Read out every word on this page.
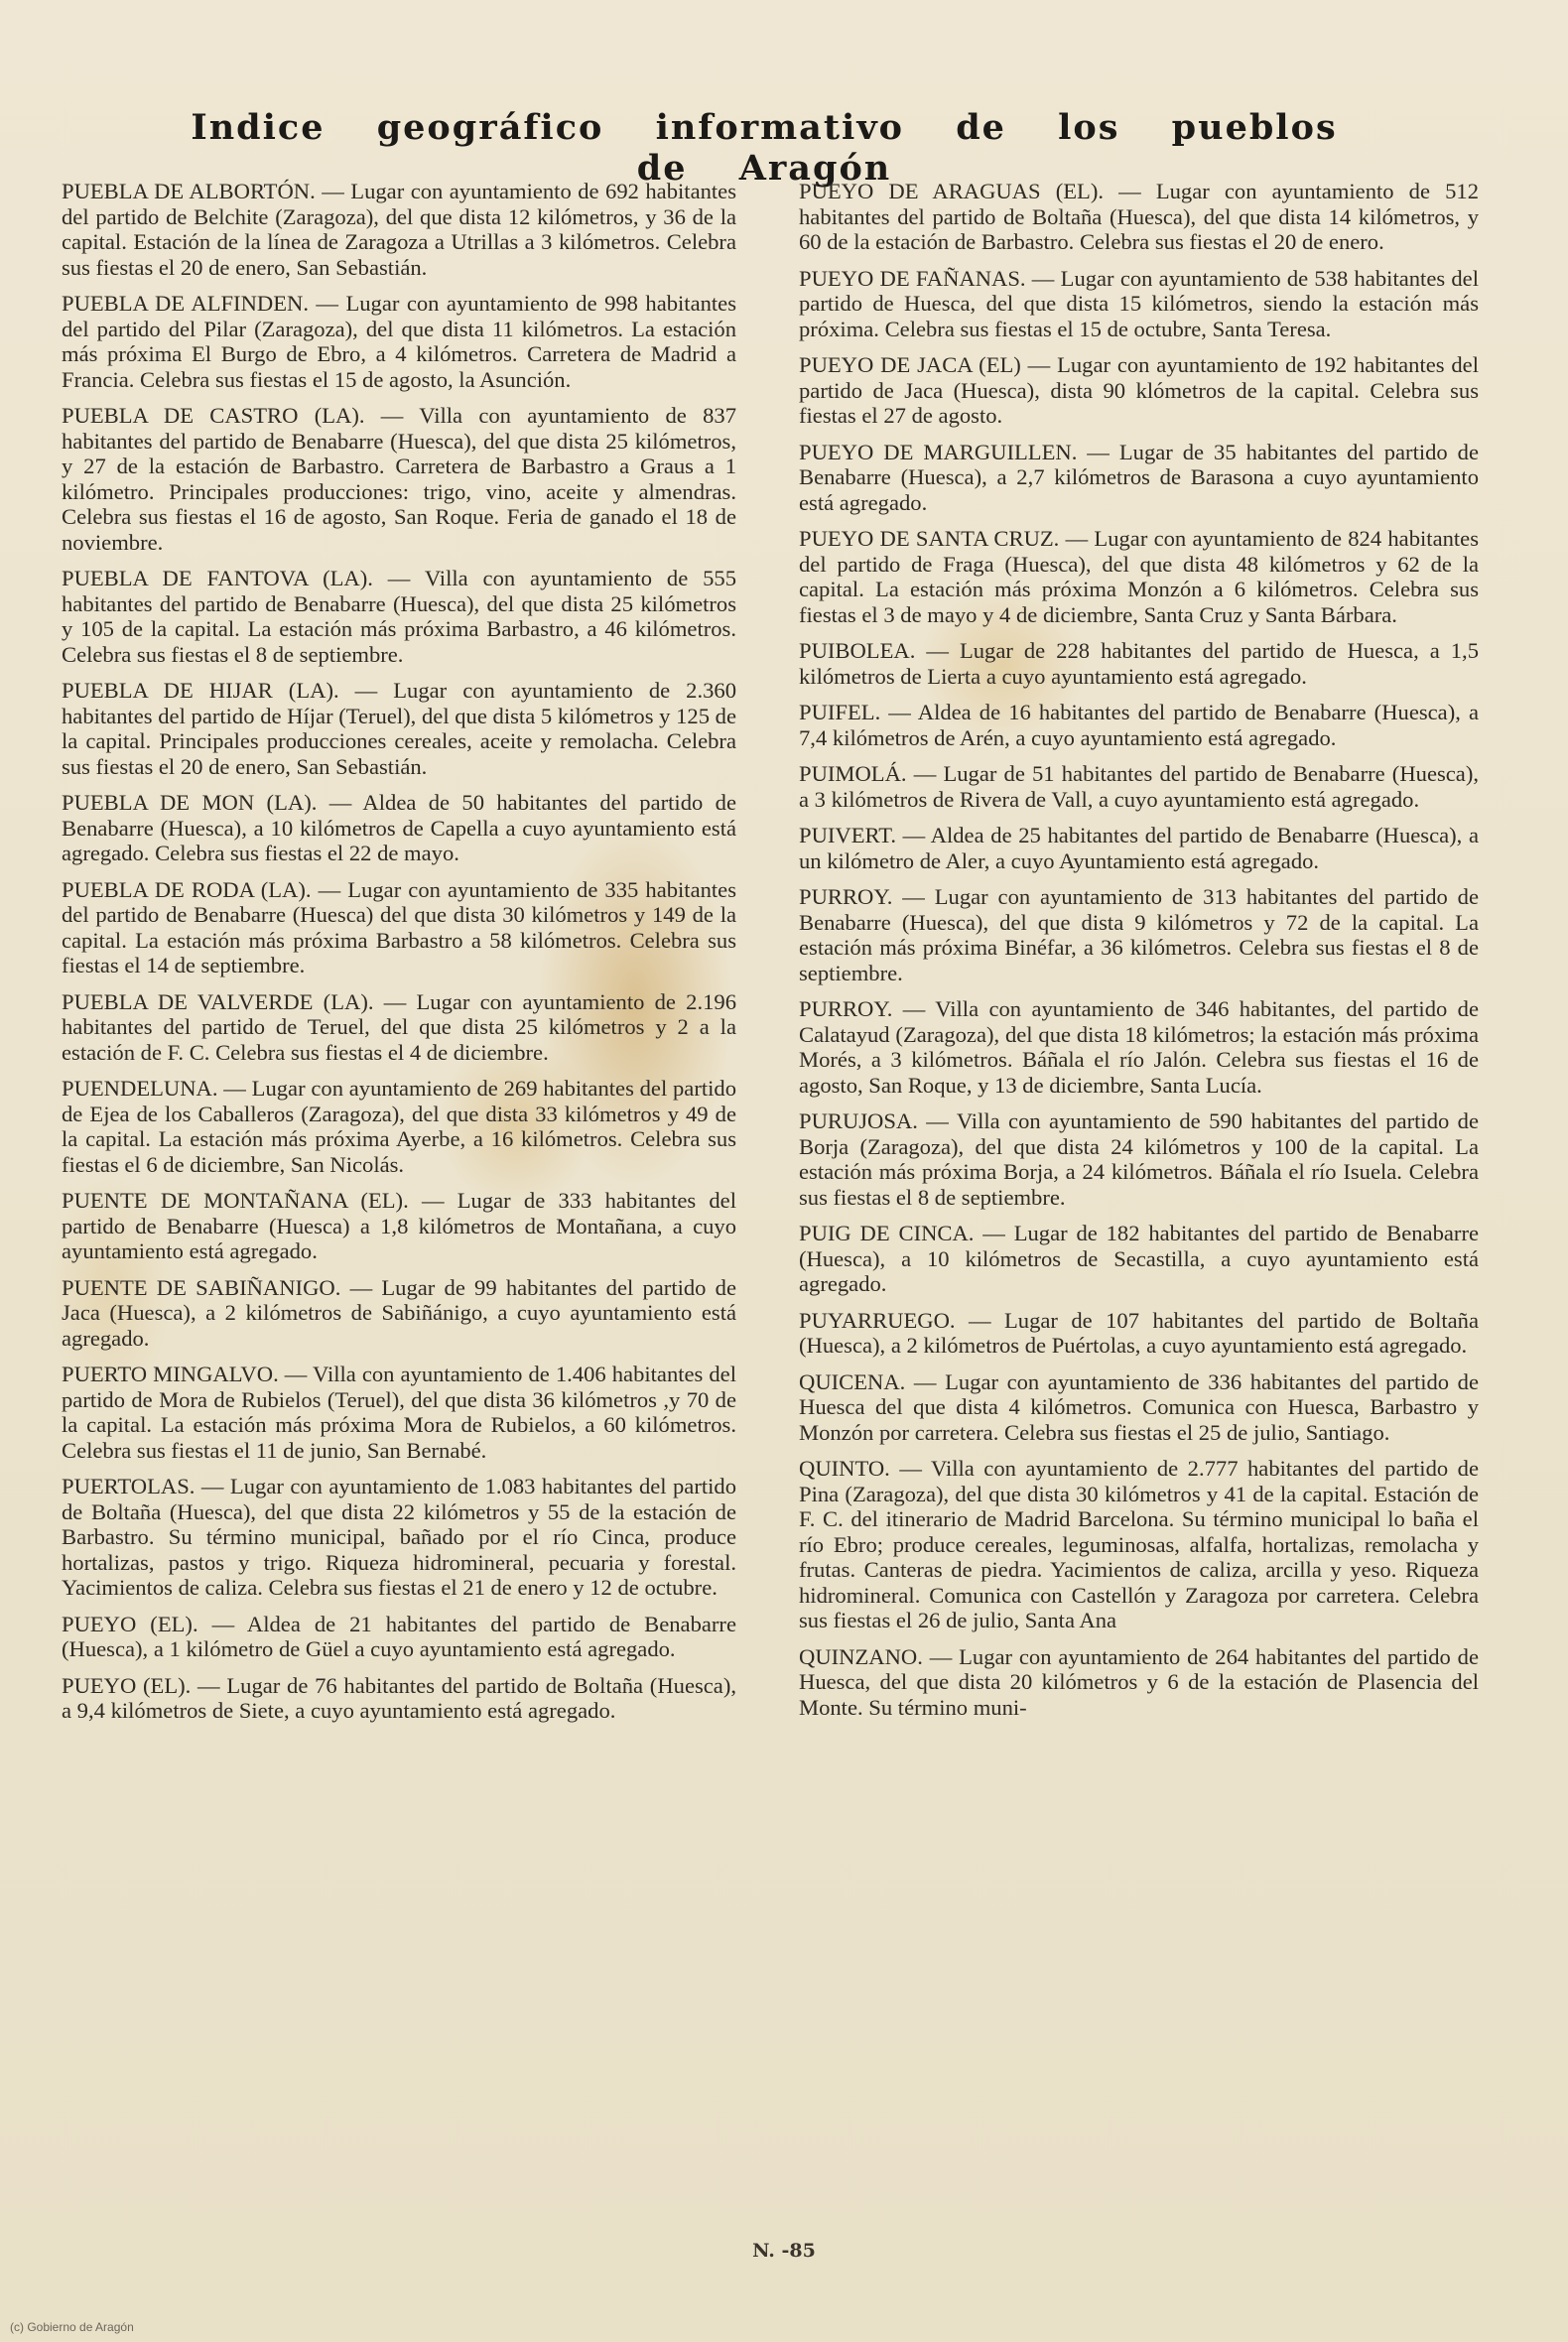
Indice geográfico informativo de los pueblos de Aragón

PUEBLA DE ALBORTÓN. — Lugar con ayuntamiento de 692 habitantes del partido de Belchite (Zaragoza), del que dista 12 kilómetros, y 36 de la capital. Estación de la línea de Zaragoza a Utrillas a 3 kilómetros. Celebra sus fiestas el 20 de enero, San Sebastián.

PUEBLA DE ALFINDEN. — Lugar con ayuntamiento de 998 habitantes del partido del Pilar (Zaragoza), del que dista 11 kilómetros. La estación más próxima El Burgo de Ebro, a 4 kilómetros. Carretera de Madrid a Francia. Celebra sus fiestas el 15 de agosto, la Asunción.

PUEBLA DE CASTRO (LA). — Villa con ayuntamiento de 837 habitantes del partido de Benabarre (Huesca), del que dista 25 kilómetros, y 27 de la estación de Barbastro. Carretera de Barbastro a Graus a 1 kilómetro. Principales producciones: trigo, vino, aceite y almendras. Celebra sus fiestas el 16 de agosto, San Roque. Feria de ganado el 18 de noviembre.

PUEBLA DE FANTOVA (LA). — Villa con ayuntamiento de 555 habitantes del partido de Benabarre (Huesca), del que dista 25 kilómetros y 105 de la capital. La estación más próxima Barbastro, a 46 kilómetros. Celebra sus fiestas el 8 de septiembre.

PUEBLA DE HIJAR (LA). — Lugar con ayuntamiento de 2.360 habitantes del partido de Híjar (Teruel), del que dista 5 kilómetros y 125 de la capital. Principales producciones cereales, aceite y remolacha. Celebra sus fiestas el 20 de enero, San Sebastián.

PUEBLA DE MON (LA). — Aldea de 50 habitantes del partido de Benabarre (Huesca), a 10 kilómetros de Capella a cuyo ayuntamiento está agregado. Celebra sus fiestas el 22 de mayo.

PUEBLA DE RODA (LA). — Lugar con ayuntamiento de 335 habitantes del partido de Benabarre (Huesca) del que dista 30 kilómetros y 149 de la capital. La estación más próxima Barbastro a 58 kilómetros. Celebra sus fiestas el 14 de septiembre.

PUEBLA DE VALVERDE (LA). — Lugar con ayuntamiento de 2.196 habitantes del partido de Teruel, del que dista 25 kilómetros y 2 a la estación de F. C. Celebra sus fiestas el 4 de diciembre.

PUENDELUNA. — Lugar con ayuntamiento de 269 habitantes del partido de Ejea de los Caballeros (Zaragoza), del que dista 33 kilómetros y 49 de la capital. La estación más próxima Ayerbe, a 16 kilómetros. Celebra sus fiestas el 6 de diciembre, San Nicolás.

PUENTE DE MONTAÑANA (EL). — Lugar de 333 habitantes del partido de Benabarre (Huesca) a 1,8 kilómetros de Montañana, a cuyo ayuntamiento está agregado.

PUENTE DE SABIÑANIGO. — Lugar de 99 habitantes del partido de Jaca (Huesca), a 2 kilómetros de Sabiñánigo, a cuyo ayuntamiento está agregado.

PUERTO MINGALVO. — Villa con ayuntamiento de 1.406 habitantes del partido de Mora de Rubielos (Teruel), del que dista 36 kilómetros ,y 70 de la capital. La estación más próxima Mora de Rubielos, a 60 kilómetros. Celebra sus fiestas el 11 de junio, San Bernabé.

PUERTOLAS. — Lugar con ayuntamiento de 1.083 habitantes del partido de Boltaña (Huesca), del que dista 22 kilómetros y 55 de la estación de Barbastro. Su término municipal, bañado por el río Cinca, produce hortalizas, pastos y trigo. Riqueza hidromineral, pecuaria y forestal. Yacimientos de caliza. Celebra sus fiestas el 21 de enero y 12 de octubre.

PUEYO (EL). — Aldea de 21 habitantes del partido de Benabarre (Huesca), a 1 kilómetro de Güel a cuyo ayuntamiento está agregado.

PUEYO (EL). — Lugar de 76 habitantes del partido de Boltaña (Huesca), a 9,4 kilómetros de Siete, a cuyo ayuntamiento está agregado.

PUEYO DE ARAGUAS (EL). — Lugar con ayuntamiento de 512 habitantes del partido de Boltaña (Huesca), del que dista 14 kilómetros, y 60 de la estación de Barbastro. Celebra sus fiestas el 20 de enero.

PUEYO DE FAÑANAS. — Lugar con ayuntamiento de 538 habitantes del partido de Huesca, del que dista 15 kilómetros, siendo la estación más próxima. Celebra sus fiestas el 15 de octubre, Santa Teresa.

PUEYO DE JACA (EL) — Lugar con ayuntamiento de 192 habitantes del partido de Jaca (Huesca), dista 90 klómetros de la capital. Celebra sus fiestas el 27 de agosto.

PUEYO DE MARGUILLEN. — Lugar de 35 habitantes del partido de Benabarre (Huesca), a 2,7 kilómetros de Barasona a cuyo ayuntamiento está agregado.

PUEYO DE SANTA CRUZ. — Lugar con ayuntamiento de 824 habitantes del partido de Fraga (Huesca), del que dista 48 kilómetros y 62 de la capital. La estación más próxima Monzón a 6 kilómetros. Celebra sus fiestas el 3 de mayo y 4 de diciembre, Santa Cruz y Santa Bárbara.

PUIBOLEA. — Lugar de 228 habitantes del partido de Huesca, a 1,5 kilómetros de Lierta a cuyo ayuntamiento está agregado.

PUIFEL. — Aldea de 16 habitantes del partido de Benabarre (Huesca), a 7,4 kilómetros de Arén, a cuyo ayuntamiento está agregado.

PUIMOLÁ. — Lugar de 51 habitantes del partido de Benabarre (Huesca), a 3 kilómetros de Rivera de Vall, a cuyo ayuntamiento está agregado.

PUIVERT. — Aldea de 25 habitantes del partido de Benabarre (Huesca), a un kilómetro de Aler, a cuyo Ayuntamiento está agregado.

PURROY. — Lugar con ayuntamiento de 313 habitantes del partido de Benabarre (Huesca), del que dista 9 kilómetros y 72 de la capital. La estación más próxima Binéfar, a 36 kilómetros. Celebra sus fiestas el 8 de septiembre.

PURROY. — Villa con ayuntamiento de 346 habitantes, del partido de Calatayud (Zaragoza), del que dista 18 kilómetros; la estación más próxima Morés, a 3 kilómetros. Báñala el río Jalón. Celebra sus fiestas el 16 de agosto, San Roque, y 13 de diciembre, Santa Lucía.

PURUJOSA. — Villa con ayuntamiento de 590 habitantes del partido de Borja (Zaragoza), del que dista 24 kilómetros y 100 de la capital. La estación más próxima Borja, a 24 kilómetros. Báñala el río Isuela. Celebra sus fiestas el 8 de septiembre.

PUIG DE CINCA. — Lugar de 182 habitantes del partido de Benabarre (Huesca), a 10 kilómetros de Secastilla, a cuyo ayuntamiento está agregado.

PUYARRUEGO. — Lugar de 107 habitantes del partido de Boltaña (Huesca), a 2 kilómetros de Puértolas, a cuyo ayuntamiento está agregado.

QUICENA. — Lugar con ayuntamiento de 336 habitantes del partido de Huesca del que dista 4 kilómetros. Comunica con Huesca, Barbastro y Monzón por carretera. Celebra sus fiestas el 25 de julio, Santiago.

QUINTO. — Villa con ayuntamiento de 2.777 habitantes del partido de Pina (Zaragoza), del que dista 30 kilómetros y 41 de la capital. Estación de F. C. del itinerario de Madrid Barcelona. Su término municipal lo baña el río Ebro; produce cereales, leguminosas, alfalfa, hortalizas, remolacha y frutas. Canteras de piedra. Yacimientos de caliza, arcilla y yeso. Riqueza hidromineral. Comunica con Castellón y Zaragoza por carretera. Celebra sus fiestas el 26 de julio, Santa Ana

QUINZANO. — Lugar con ayuntamiento de 264 habitantes del partido de Huesca, del que dista 20 kilómetros y 6 de la estación de Plasencia del Monte. Su término muni-

N. -85
(c) Gobierno de Aragón
